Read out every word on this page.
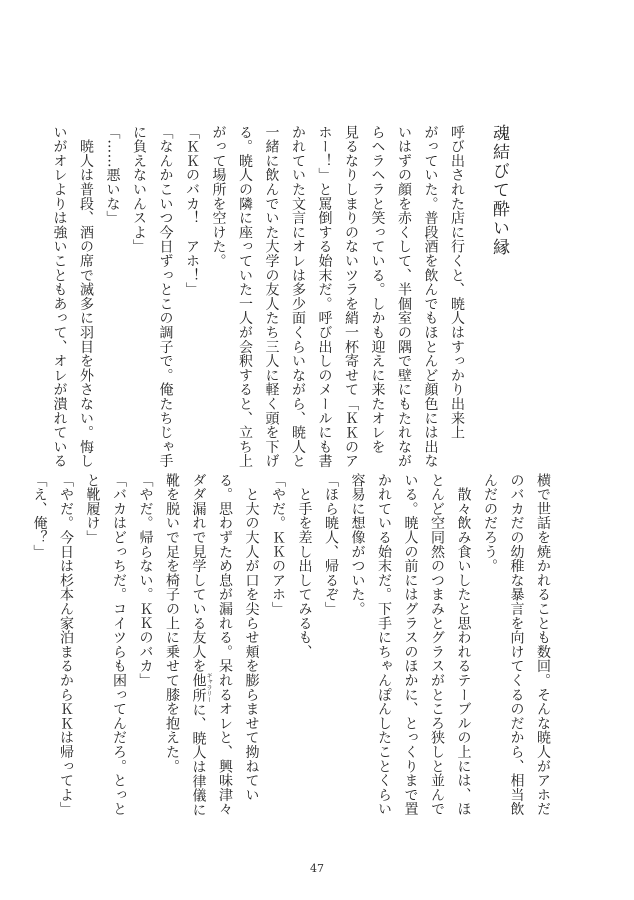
魂結びて酔い縁
呼び出された店に行くと、暁人はすっかり出来上
がっていた。普段酒を飲んでもほとんど顔色には出な
いはずの顔を赤くして、半個室の隅で壁にもたれなが
らヘラヘラと笑っている。しかも迎えに来たオレを
見るなりしまりのないツラを綃一杯寄せて「ＫＫのア
ホー！」と罵倒する始末だ。呼び出しのメールにも書
かれていた文言にオレは多少面くらいながら、暁人と
一緒に飲んでいた大学の友人たち三人に軽く頭を下げ
る。暁人の隣に座っていた一人が会釈すると、立ち上
がって場所を空けた。
「ＫＫのバカ！　アホ！」
「なんかこいつ今日ずっとこの調子で。俺たちじゃ手
に負えないんスよ」
「……悪いな」
　暁人は普段、酒の席で滅多に羽目を外さない。悔し
いがオレよりは強いこともあって、オレが潰れている
横で世話を焼かれることも数回。そんな暁人がアホだ
のバカだの幼稚な暴言を向けてくるのだから、相当飲
んだのだろう。
　散々飲み食いしたと思われるテーブルの上には、ほ
とんど空同然のつまみとグラスがところ狭しと並んで
いる。暁人の前にはグラスのほかに、とっくりまで置
かれている始末だ。下手にちゃんぽんしたことくらい
容易に想像がついた。
「ほら暁人、帰るぞ」
　と手を差し出してみるも、
「やだ。ＫＫのアホ」
　と大の大人が口を尖らせ頬を膨らませて拗ねてい
る。思わずため息が漏れる。呆れるオレと、興味津々
ダダ漏れで見学している友人を他所ギャラリーに、暁人は律儀に
靴を脱いで足を椅子の上に乗せて膝を抱えた。
「やだ。帰らない。ＫＫのバカ」
「バカはどっちだ。コイツらも困ってんだろ。とっと
と靴履け」
「やだ。今日は杉本ん家泊まるからＫＫは帰ってよ」
「え、俺？」
47
